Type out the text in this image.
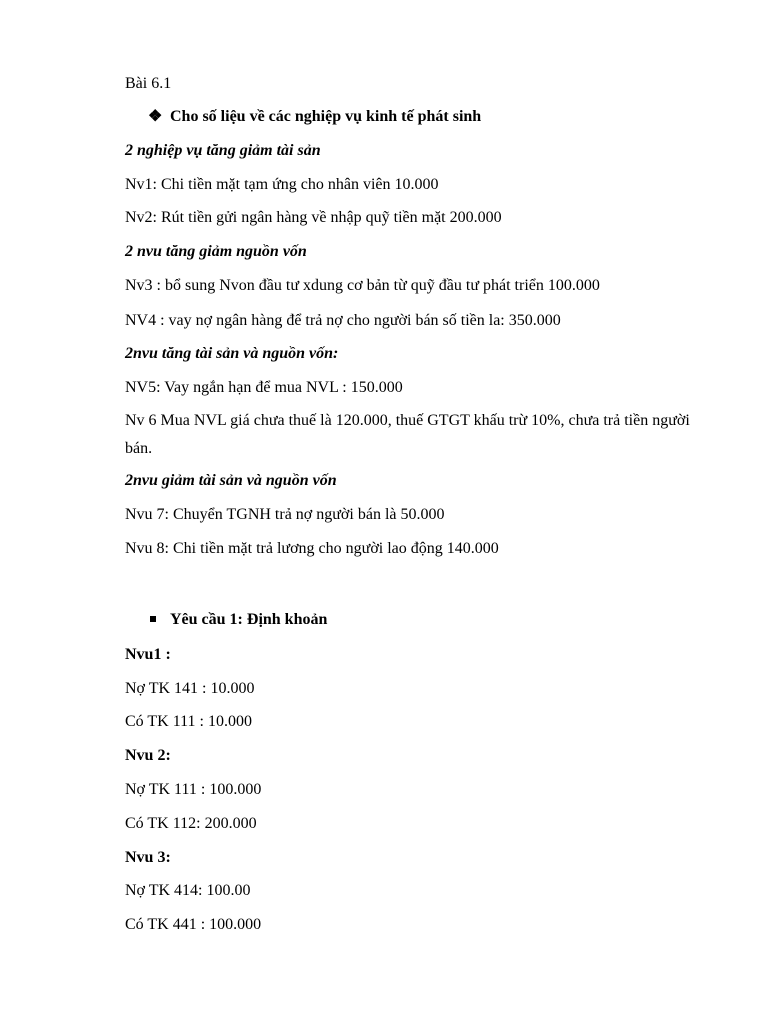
Bài 6.1
❖ Cho số liệu về các nghiệp vụ kinh tế phát sinh
2 nghiệp vụ tăng giảm tài sản
Nv1: Chi tiền mặt tạm ứng cho nhân viên 10.000
Nv2: Rút tiền gửi ngân hàng về nhập quỹ tiền mặt 200.000
2 nvu tăng giảm nguồn vốn
Nv3 : bổ sung Nvon đầu tư xdung cơ bản từ quỹ đầu tư phát triển 100.000
NV4 : vay nợ ngân hàng để trả nợ cho người bán số tiền la: 350.000
2nvu tăng tài sản và nguồn vốn:
NV5: Vay ngắn hạn để mua NVL : 150.000
Nv 6 Mua NVL giá chưa thuế là 120.000, thuế GTGT khấu trừ 10%, chưa trả tiền người bán.
2nvu giảm tài sản và nguồn vốn
Nvu 7: Chuyển TGNH trả nợ người bán là 50.000
Nvu 8: Chi tiền mặt trả lương cho người lao động 140.000
Yêu cầu 1: Định khoản
Nvu1 :
Nợ TK 141 : 10.000
Có TK 111 : 10.000
Nvu 2:
Nợ TK 111 : 100.000
Có TK 112: 200.000
Nvu 3:
Nợ TK 414: 100.00
Có TK 441 : 100.000
